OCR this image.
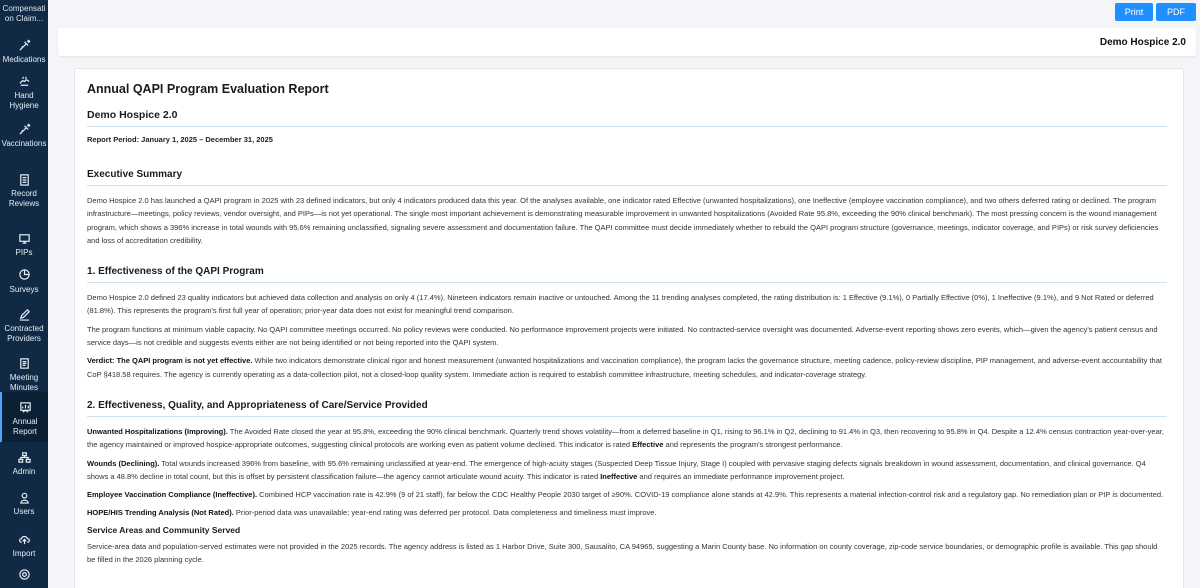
Compensati on Claim...
Medications
Hand Hygiene
Vaccinations
Record Reviews
PIPs
Surveys
Contracted Providers
Meeting Minutes
Annual Report
Admin
Users
Import
Print	PDF
Demo Hospice 2.0
Annual QAPI Program Evaluation Report
Demo Hospice 2.0
Report Period: January 1, 2025 – December 31, 2025
Executive Summary

Demo Hospice 2.0 has launched a QAPI program in 2025 with 23 defined indicators, but only 4 indicators produced data this year. Of the analyses available, one indicator rated Effective (unwanted hospitalizations), one Ineffective (employee vaccination compliance), and two others deferred rating or declined. The program infrastructure—meetings, policy reviews, vendor oversight, and PIPs—is not yet operational. The single most important achievement is demonstrating measurable improvement in unwanted hospitalizations (Avoided Rate 95.8%, exceeding the 90% clinical benchmark). The most pressing concern is the wound management program, which shows a 396% increase in total wounds with 95.6% remaining unclassified, signaling severe assessment and documentation failure. The QAPI committee must decide immediately whether to rebuild the QAPI program structure (governance, meetings, indicator coverage, and PIPs) or risk survey deficiencies and loss of accreditation credibility.

1. Effectiveness of the QAPI Program

Demo Hospice 2.0 defined 23 quality indicators but achieved data collection and analysis on only 4 (17.4%). Nineteen indicators remain inactive or untouched. Among the 11 trending analyses completed, the rating distribution is: 1 Effective (9.1%), 0 Partially Effective (0%), 1 Ineffective (9.1%), and 9 Not Rated or deferred (81.8%). This represents the program's first full year of operation; prior-year data does not exist for meaningful trend comparison.

The program functions at minimum viable capacity. No QAPI committee meetings occurred. No policy reviews were conducted. No performance improvement projects were initiated. No contracted-service oversight was documented. Adverse-event reporting shows zero events, which—given the agency's patient census and service days—is not credible and suggests events either are not being identified or not being reported into the QAPI system.

Verdict: The QAPI program is not yet effective. While two indicators demonstrate clinical rigor and honest measurement (unwanted hospitalizations and vaccination compliance), the program lacks the governance structure, meeting cadence, policy-review discipline, PIP management, and adverse-event accountability that CoP §418.58 requires. The agency is currently operating as a data-collection pilot, not a closed-loop quality system. Immediate action is required to establish committee infrastructure, meeting schedules, and indicator-coverage strategy.

2. Effectiveness, Quality, and Appropriateness of Care/Service Provided

Unwanted Hospitalizations (Improving). The Avoided Rate closed the year at 95.8%, exceeding the 90% clinical benchmark. Quarterly trend shows volatility—from a deferred baseline in Q1, rising to 96.1% in Q2, declining to 91.4% in Q3, then recovering to 95.8% in Q4. Despite a 12.4% census contraction year-over-year, the agency maintained or improved hospice-appropriate outcomes, suggesting clinical protocols are working even as patient volume declined. This indicator is rated Effective and represents the program's strongest performance.

Wounds (Declining). Total wounds increased 396% from baseline, with 95.6% remaining unclassified at year-end. The emergence of high-acuity stages (Suspected Deep Tissue Injury, Stage I) coupled with pervasive staging defects signals breakdown in wound assessment, documentation, and clinical governance. Q4 shows a 48.8% decline in total count, but this is offset by persistent classification failure—the agency cannot articulate wound acuity. This indicator is rated Ineffective and requires an immediate performance improvement project.

Employee Vaccination Compliance (Ineffective). Combined HCP vaccination rate is 42.9% (9 of 21 staff), far below the CDC Healthy People 2030 target of ≥90%. COVID-19 compliance alone stands at 42.9%. This represents a material infection-control risk and a regulatory gap. No remediation plan or PIP is documented.

HOPE/HIS Trending Analysis (Not Rated). Prior-period data was unavailable; year-end rating was deferred per protocol. Data completeness and timeliness must improve.

Service Areas and Community Served

Service-area data and population-served estimates were not provided in the 2025 records. The agency address is listed as 1 Harbor Drive, Suite 300, Sausalito, CA 94965, suggesting a Marin County base. No information on county coverage, zip-code service boundaries, or demographic profile is available. This gap should be filled in the 2026 planning cycle.
